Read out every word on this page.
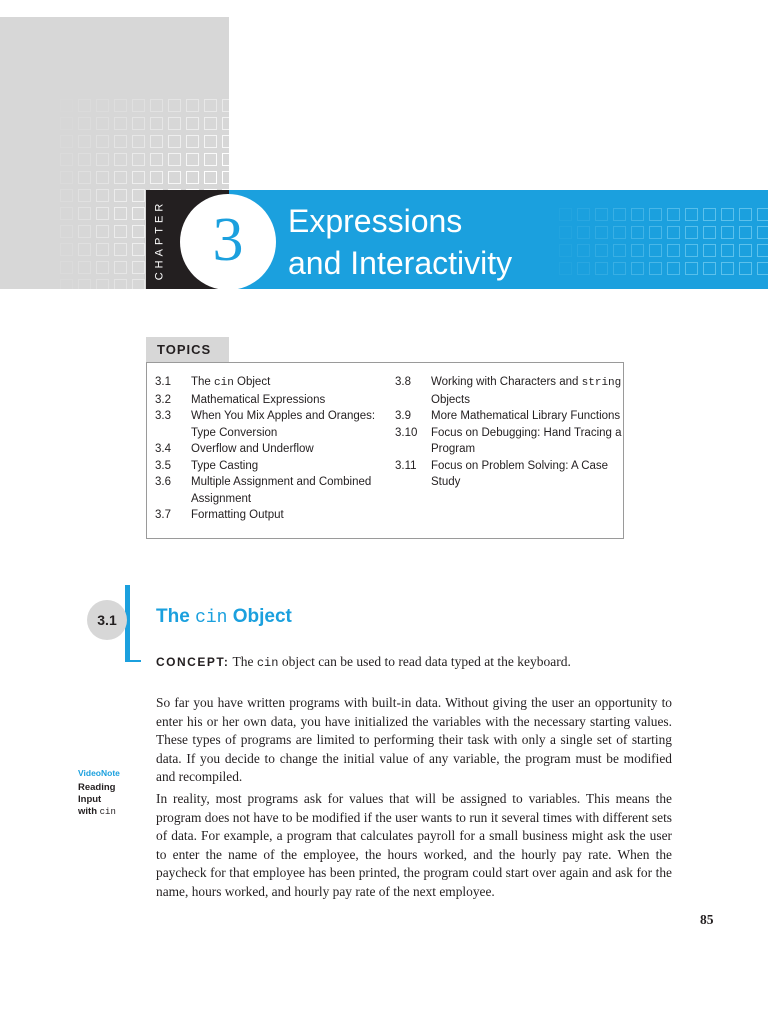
CHAPTER 3 Expressions
and Interactivity
TOPICS
3.1	The cin Object
3.2	Mathematical Expressions
3.3	When You Mix Apples and Oranges: Type Conversion
3.4	Overflow and Underflow
3.5	Type Casting
3.6	Multiple Assignment and Combined Assignment
3.7	Formatting Output
3.8	Working with Characters and string Objects
3.9	More Mathematical Library Functions
3.10	Focus on Debugging: Hand Tracing a Program
3.11	Focus on Problem Solving: A Case Study
3.1	The cin Object

CONCEPT: The cin object can be used to read data typed at the keyboard.

VideoNote
Reading
Input
with cin

So far you have written programs with built-in data. Without giving the user an opportunity to enter his or her own data, you have initialized the variables with the necessary starting values. These types of programs are limited to performing their task with only a single set of starting data. If you decide to change the initial value of any variable, the program must be modified and recompiled.

In reality, most programs ask for values that will be assigned to variables. This means the program does not have to be modified if the user wants to run it several times with different sets of data. For example, a program that calculates payroll for a small business might ask the user to enter the name of the employee, the hours worked, and the hourly pay rate. When the paycheck for that employee has been printed, the program could start over again and ask for the name, hours worked, and hourly pay rate of the next employee.

85
